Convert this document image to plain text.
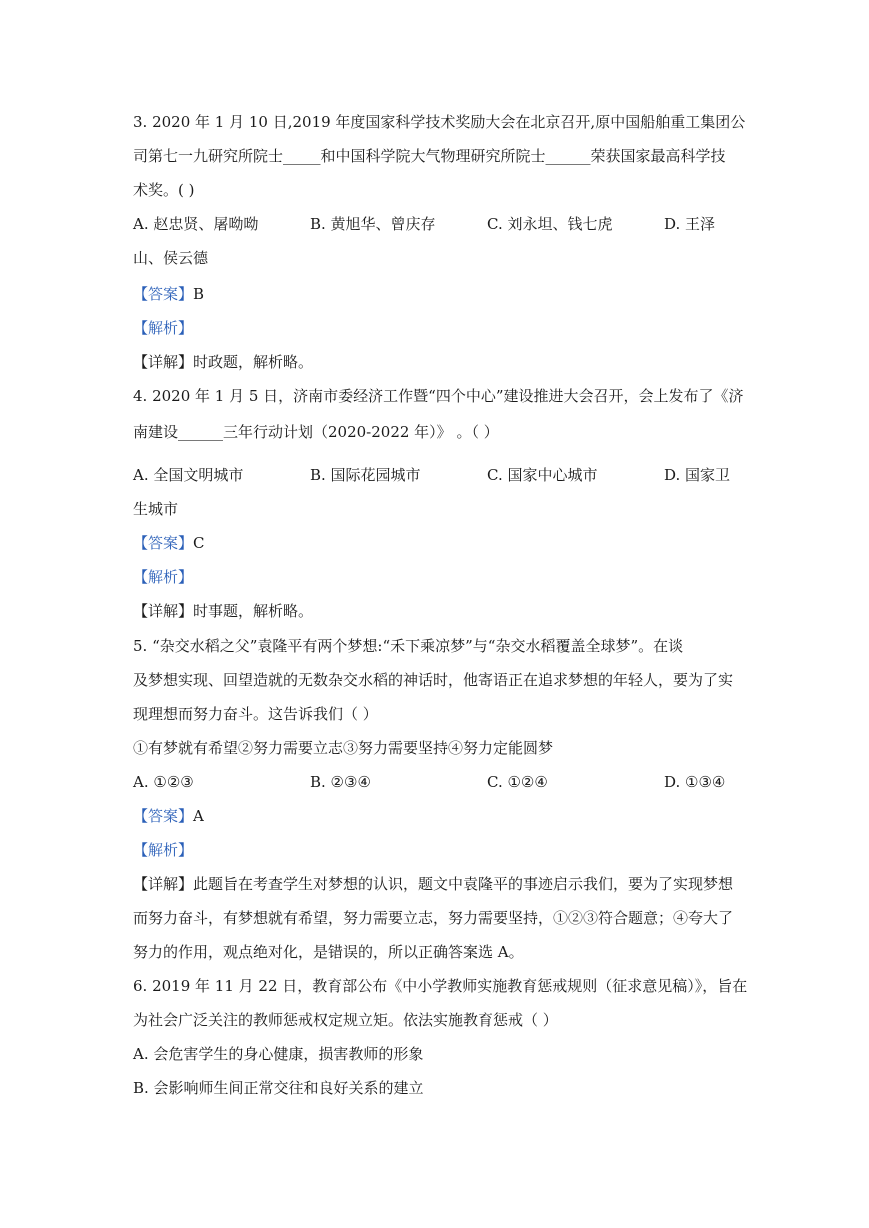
3. 2020 年 1 月 10 日,2019 年度国家科学技术奖励大会在北京召开,原中国船舶重工集团公
司第七一九研究所院士_____和中国科学院大气物理研究所院士______荣获国家最高科学技
术奖。( )
A. 赵忠贤、屠呦呦	B. 黄旭华、曾庆存	C. 刘永坦、钱七虎	D. 王泽
山、侯云德
【答案】B
【解析】
【详解】时政题，解析略。
4. 2020 年 1 月 5 日，济南市委经济工作暨“四个中心”建设推进大会召开，会上发布了《济
南建设______三年行动计划（2020-2022 年）》 。（ ）
A. 全国文明城市	B. 国际花园城市	C. 国家中心城市	D. 国家卫
生城市
【答案】C
【解析】
【详解】时事题，解析略。
5. “杂交水稻之父”袁隆平有两个梦想:“禾下乘凉梦”与“杂交水稻覆盖全球梦”。在谈
及梦想实现、回望造就的无数杂交水稻的神话时，他寄语正在追求梦想的年轻人，要为了实
现理想而努力奋斗。这告诉我们（ ）
①有梦就有希望②努力需要立志③努力需要坚持④努力定能圆梦
A. ①②③	B. ②③④	C. ①②④	D. ①③④
【答案】A
【解析】
【详解】此题旨在考查学生对梦想的认识，题文中袁隆平的事迹启示我们，要为了实现梦想
而努力奋斗，有梦想就有希望，努力需要立志，努力需要坚持，①②③符合题意；④夸大了
努力的作用，观点绝对化，是错误的，所以正确答案选 A。
6. 2019 年 11 月 22 日，教育部公布《中小学教师实施教育惩戒规则（征求意见稿）》，旨在
为社会广泛关注的教师惩戒权定规立矩。依法实施教育惩戒（ ）
A. 会危害学生的身心健康，损害教师的形象
B. 会影响师生间正常交往和良好关系的建立
